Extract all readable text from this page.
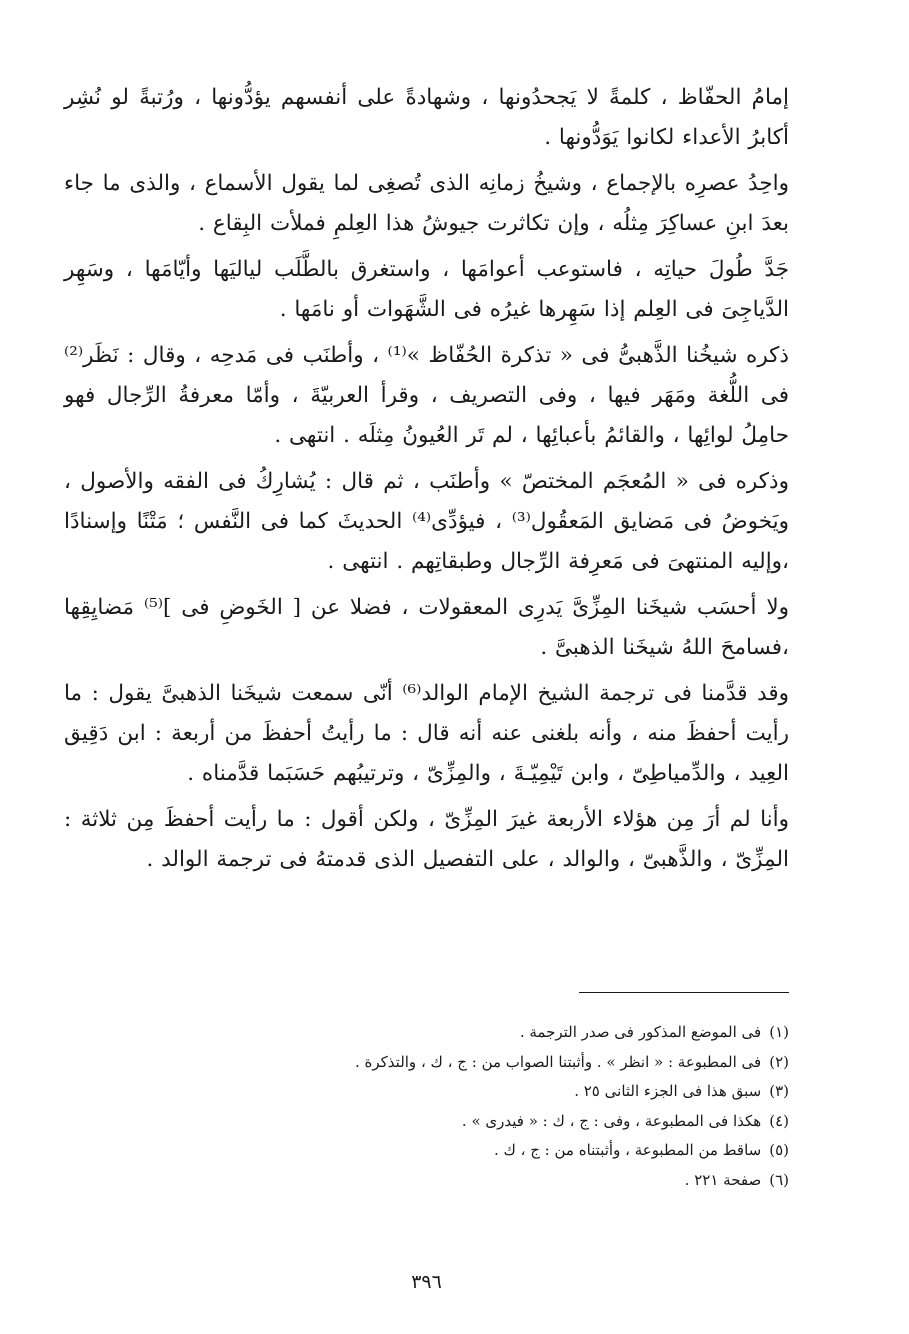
إمامُ الحفّاظ ، كلمةً لا يَجحدُونها ، وشهادةً على أنفسهم يؤدُّونها ، ورُتبةً لو نُشِر أكابرُ الأعداء لكانوا يَوَدُّونها .

واحِدُ عصرِه بالإجماع ، وشيخُ زمانِه الذى تُصغِى لما يقول الأسماع ، والذى ما جاء بعدَ ابنِ عساكِرَ مِثلُه ، وإن تكاثرت جيوشُ هذا العِلمِ فملأت البِقاع .

جَدَّ طُولَ حياتِه ، فاستوعب أعوامَها ، واستغرق بالطَّلَب لياليَها وأيّامَها ، وسَهِر الدَّياجِىَ فى العِلم إذا سَهِرها غيرُه فى الشَّهَوات أو نامَها .

ذكره شيخُنا الذَّهبىُّ فى « تذكرة الحُفّاظ »⁽¹⁾ ، وأطنَب فى مَدحِه ، وقال : نَظَر⁽²⁾ فى اللُّغة ومَهَر فيها ، وفى التصريف ، وقرأ العربيّةَ ، وأمّا معرفةُ الرِّجال فهو حامِلُ لوائِها ، والقائمُ بأعبائِها ، لم تَر العُيونُ مِثلَه . انتهى .

وذكره فى « المُعجَم المختصّ » وأطنَب ، ثم قال : يُشارِكُ فى الفقه والأصول ، ويَخوضُ فى مَضايق المَعقُول⁽³⁾ ، فيؤدِّى⁽⁴⁾ الحديثَ كما فى النَّفس ؛ مَتْنًا وإسنادًا ،وإليه المنتهىَ فى مَعرِفة الرِّجال وطبقاتِهم . انتهى .

ولا أحسَب شيخَنا المِزِّىَّ يَدرِى المعقولات ، فضلا عن [ الخَوضِ فى ]⁽⁵⁾ مَضايِقِها ،فسامحَ اللهُ شيخَنا الذهبىَّ .

وقد قدَّمنا فى ترجمة الشيخ الإمام الوالد⁽⁶⁾ أنّى سمعت شيخَنا الذهبىَّ يقول : ما رأيت أحفظَ منه ، وأنه بلغنى عنه أنه قال : ما رأيتُ أحفظَ من أربعة : ابن دَقِيق العِيد ، والدِّمياطِىّ ، وابن تَيْمِيّـةَ ، والمِزِّىّ ، وترتيبُهم حَسَبَما قدَّمناه .

وأنا لم أرَ مِن هؤلاء الأربعة غيرَ المِزِّىّ ، ولكن أقول : ما رأيت أحفظَ مِن ثلاثة : المِزِّىّ ، والذَّهبىّ ، والوالد ، على التفصيل الذى قدمتهُ فى ترجمة الوالد .

(١)فى الموضع المذكور فى صدر الترجمة .
(٢)فى المطبوعة : « انظر » . وأثبتنا الصواب من : ج ، ك ، والتذكرة .
(٣)سبق هذا فى الجزء الثانى ٢٥ .
(٤)هكذا فى المطبوعة ، وفى : ج ، ك : « فيدرى » .
(٥)ساقط من المطبوعة ، وأثبتناه من : ج ، ك .
(٦)صفحة ٢٢١ .
٣٩٦
